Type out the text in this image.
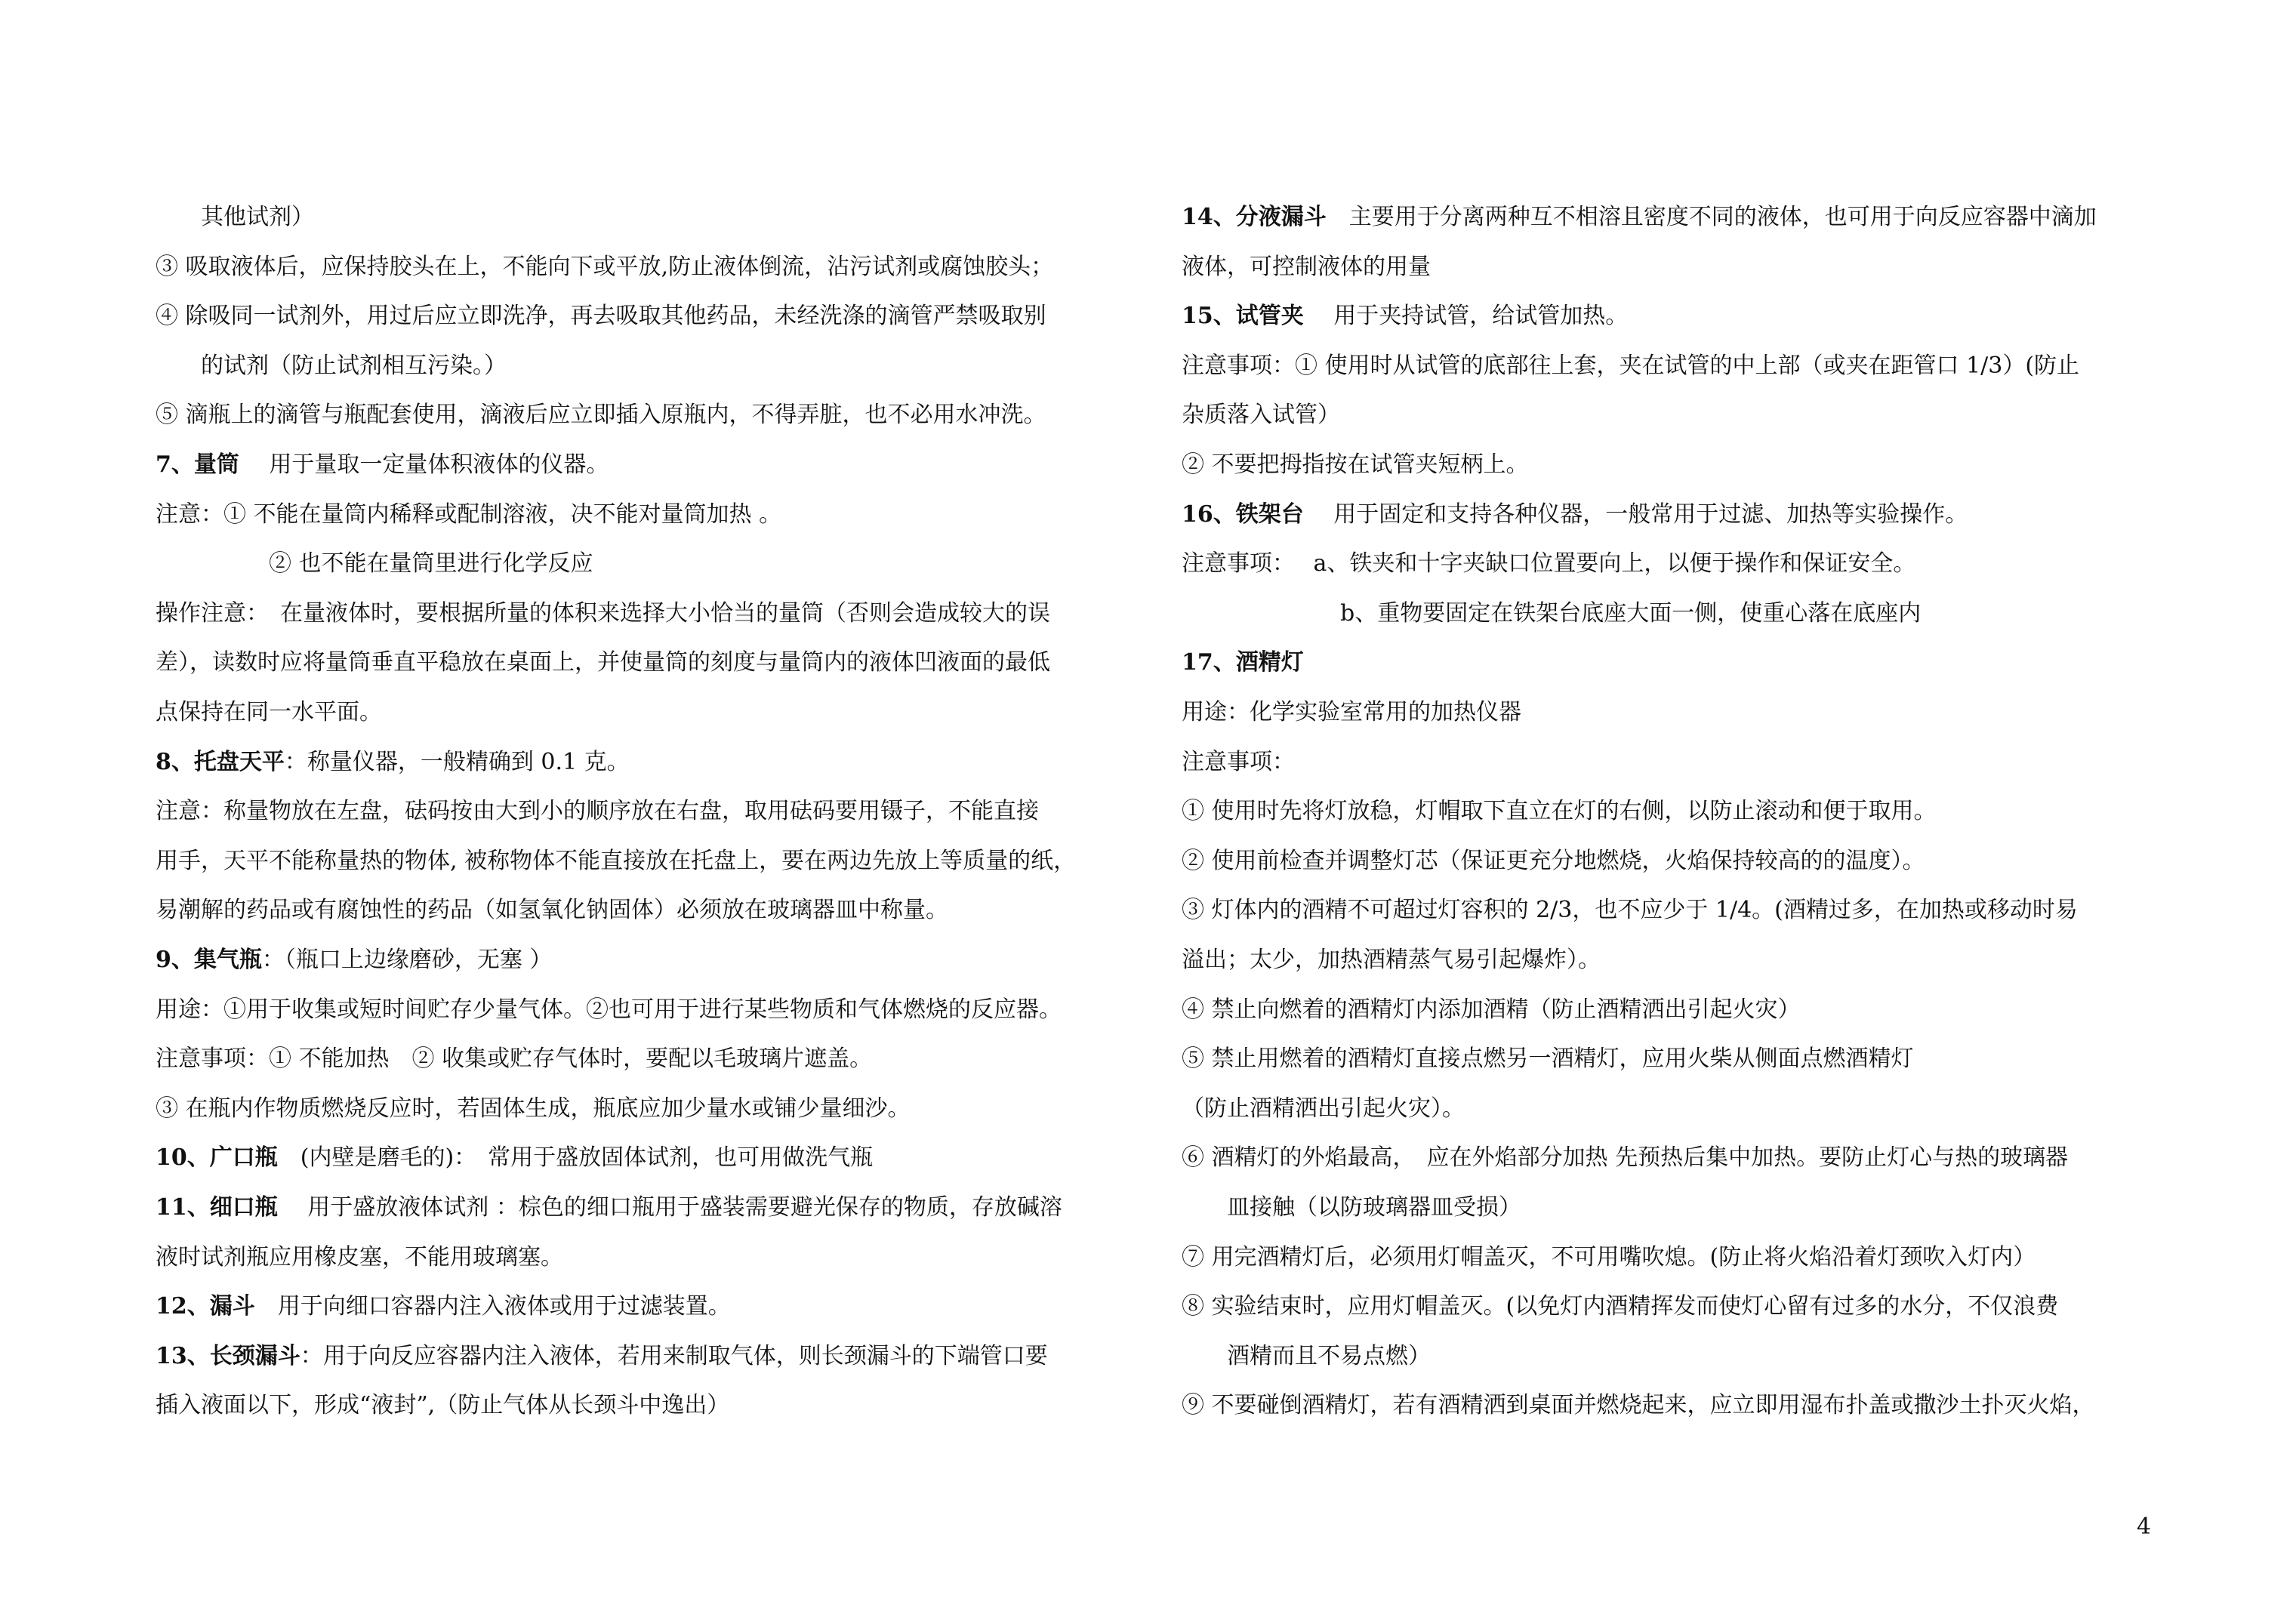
其他试剂）
③ 吸取液体后，应保持胶头在上，不能向下或平放,防止液体倒流，沾污试剂或腐蚀胶头；
④ 除吸同一试剂外，用过后应立即洗净，再去吸取其他药品，未经洗涤的滴管严禁吸取别
的试剂（防止试剂相互污染。）
⑤ 滴瓶上的滴管与瓶配套使用，滴液后应立即插入原瓶内，不得弄脏，也不必用水冲洗。
7、量筒　 用于量取一定量体积液体的仪器。
注意：① 不能在量筒内稀释或配制溶液，决不能对量筒加热 。
② 也不能在量筒里进行化学反应
操作注意：　在量液体时，要根据所量的体积来选择大小恰当的量筒（否则会造成较大的误
差），读数时应将量筒垂直平稳放在桌面上，并使量筒的刻度与量筒内的液体凹液面的最低
点保持在同一水平面。
8、托盘天平：称量仪器，一般精确到 0.1 克。
注意：称量物放在左盘，砝码按由大到小的顺序放在右盘，取用砝码要用镊子，不能直接
用手，天平不能称量热的物体, 被称物体不能直接放在托盘上，要在两边先放上等质量的纸，
易潮解的药品或有腐蚀性的药品（如氢氧化钠固体）必须放在玻璃器皿中称量。
9、集气瓶：（瓶口上边缘磨砂，无塞 ）
用途：①用于收集或短时间贮存少量气体。②也可用于进行某些物质和气体燃烧的反应器。
注意事项：① 不能加热　② 收集或贮存气体时，要配以毛玻璃片遮盖。
③ 在瓶内作物质燃烧反应时，若固体生成，瓶底应加少量水或铺少量细沙。
10、广口瓶　(内壁是磨毛的)：　常用于盛放固体试剂，也可用做洗气瓶
11、细口瓶　 用于盛放液体试剂 ：棕色的细口瓶用于盛装需要避光保存的物质，存放碱溶
液时试剂瓶应用橡皮塞，不能用玻璃塞。
12、漏斗　用于向细口容器内注入液体或用于过滤装置。
13、长颈漏斗：用于向反应容器内注入液体，若用来制取气体，则长颈漏斗的下端管口要
插入液面以下，形成“液封”,（防止气体从长颈斗中逸出）
14、分液漏斗　主要用于分离两种互不相溶且密度不同的液体，也可用于向反应容器中滴加
液体，可控制液体的用量
15、试管夹　 用于夹持试管，给试管加热。
注意事项：① 使用时从试管的底部往上套，夹在试管的中上部（或夹在距管口 1/3）(防止
杂质落入试管）
② 不要把拇指按在试管夹短柄上。
16、铁架台　 用于固定和支持各种仪器，一般常用于过滤、加热等实验操作。
注意事项：　 a、铁夹和十字夹缺口位置要向上，以便于操作和保证安全。
b、重物要固定在铁架台底座大面一侧，使重心落在底座内
17、酒精灯
用途：化学实验室常用的加热仪器
注意事项：
① 使用时先将灯放稳，灯帽取下直立在灯的右侧，以防止滚动和便于取用。
② 使用前检查并调整灯芯（保证更充分地燃烧，火焰保持较高的的温度）。
③ 灯体内的酒精不可超过灯容积的 2/3，也不应少于 1/4。(酒精过多，在加热或移动时易
溢出；太少，加热酒精蒸气易引起爆炸）。
④ 禁止向燃着的酒精灯内添加酒精（防止酒精洒出引起火灾）
⑤ 禁止用燃着的酒精灯直接点燃另一酒精灯，应用火柴从侧面点燃酒精灯
（防止酒精洒出引起火灾）。
⑥ 酒精灯的外焰最高，　应在外焰部分加热 先预热后集中加热。要防止灯心与热的玻璃器
皿接触（以防玻璃器皿受损）
⑦ 用完酒精灯后，必须用灯帽盖灭，不可用嘴吹熄。(防止将火焰沿着灯颈吹入灯内）
⑧ 实验结束时，应用灯帽盖灭。(以免灯内酒精挥发而使灯心留有过多的水分，不仅浪费
酒精而且不易点燃）
⑨ 不要碰倒酒精灯，若有酒精洒到桌面并燃烧起来，应立即用湿布扑盖或撒沙土扑灭火焰，
4
